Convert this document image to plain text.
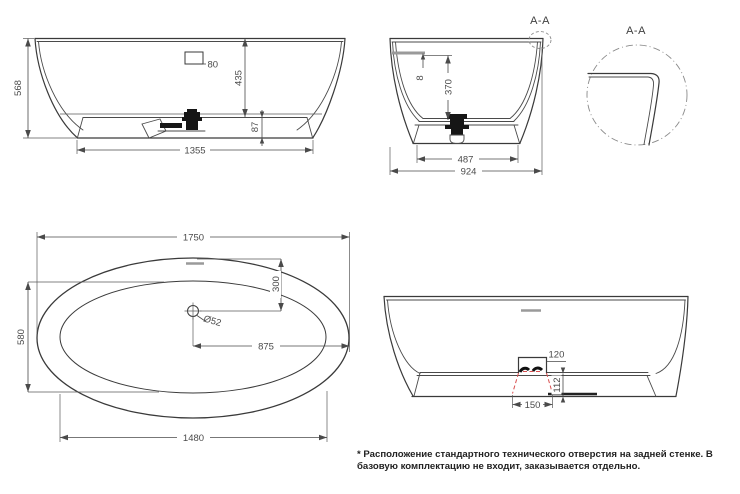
568
80
435
87
1355
A-A
8
370
487
924
A-A
Ø52
300
875
1750
580
1480
120
112
150
* Расположение стандартного технического отверстия на задней стенке. В
базовую комплектацию не входит, заказывается отдельно.
